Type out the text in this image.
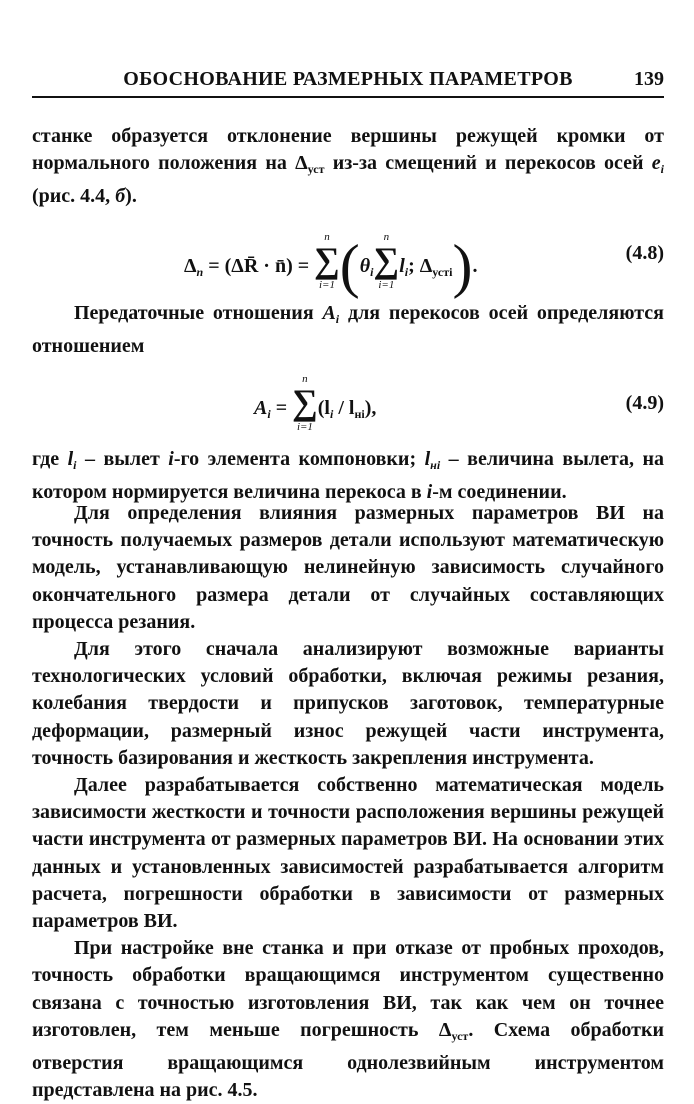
ОБОСНОВАНИЕ РАЗМЕРНЫХ ПАРАМЕТРОВ	139

станке образуется отклонение вершины режущей кромки от нормального положения на $\Delta_{уст}$ из-за смещений и перекосов осей $e_i$ (рис. 4.4, б).

$\Delta_n$ = (ΔR̄ · n̄) = ∑
n
i=1 ($\theta_i\sum$
n
i=1
$l_i$; $\Delta_{устi}$).
(4.8)

Передаточные отношения $A_i$ для перекосов осей определяются отношением

$A_i$ = ∑
n
i=1
$(l_i / l_{нi})$,	(4.9)

где $l_i$ – вылет i-го элемента компоновки; $l_{нi}$ – величина вылета, на котором нормируется величина перекоса в i-м соединении.

Для определения влияния размерных параметров ВИ на точность получаемых размеров детали используют математическую модель, устанавливающую нелинейную зависимость случайного окончательного размера детали от случайных составляющих процесса резания.

Для этого сначала анализируют возможные варианты технологических условий обработки, включая режимы резания, колебания твердости и припусков заготовок, температурные деформации, размерный износ режущей части инструмента, точность базирования и жесткость закрепления инструмента.

Далее разрабатывается собственно математическая модель зависимости жесткости и точности расположения вершины режущей части инструмента от размерных параметров ВИ. На основании этих данных и установленных зависимостей разрабатывается алгоритм расчета, погрешности обработки в зависимости от размерных параметров ВИ.

При настройке вне станка и при отказе от пробных проходов, точность обработки вращающимся инструментом существенно связана с точностью изготовления ВИ, так как чем он точнее изготовлен, тем меньше погрешность $\Delta_{уст}$. Схема обработки отверстия вращающимся однолезвийным инструментом представлена на рис. 4.5.
